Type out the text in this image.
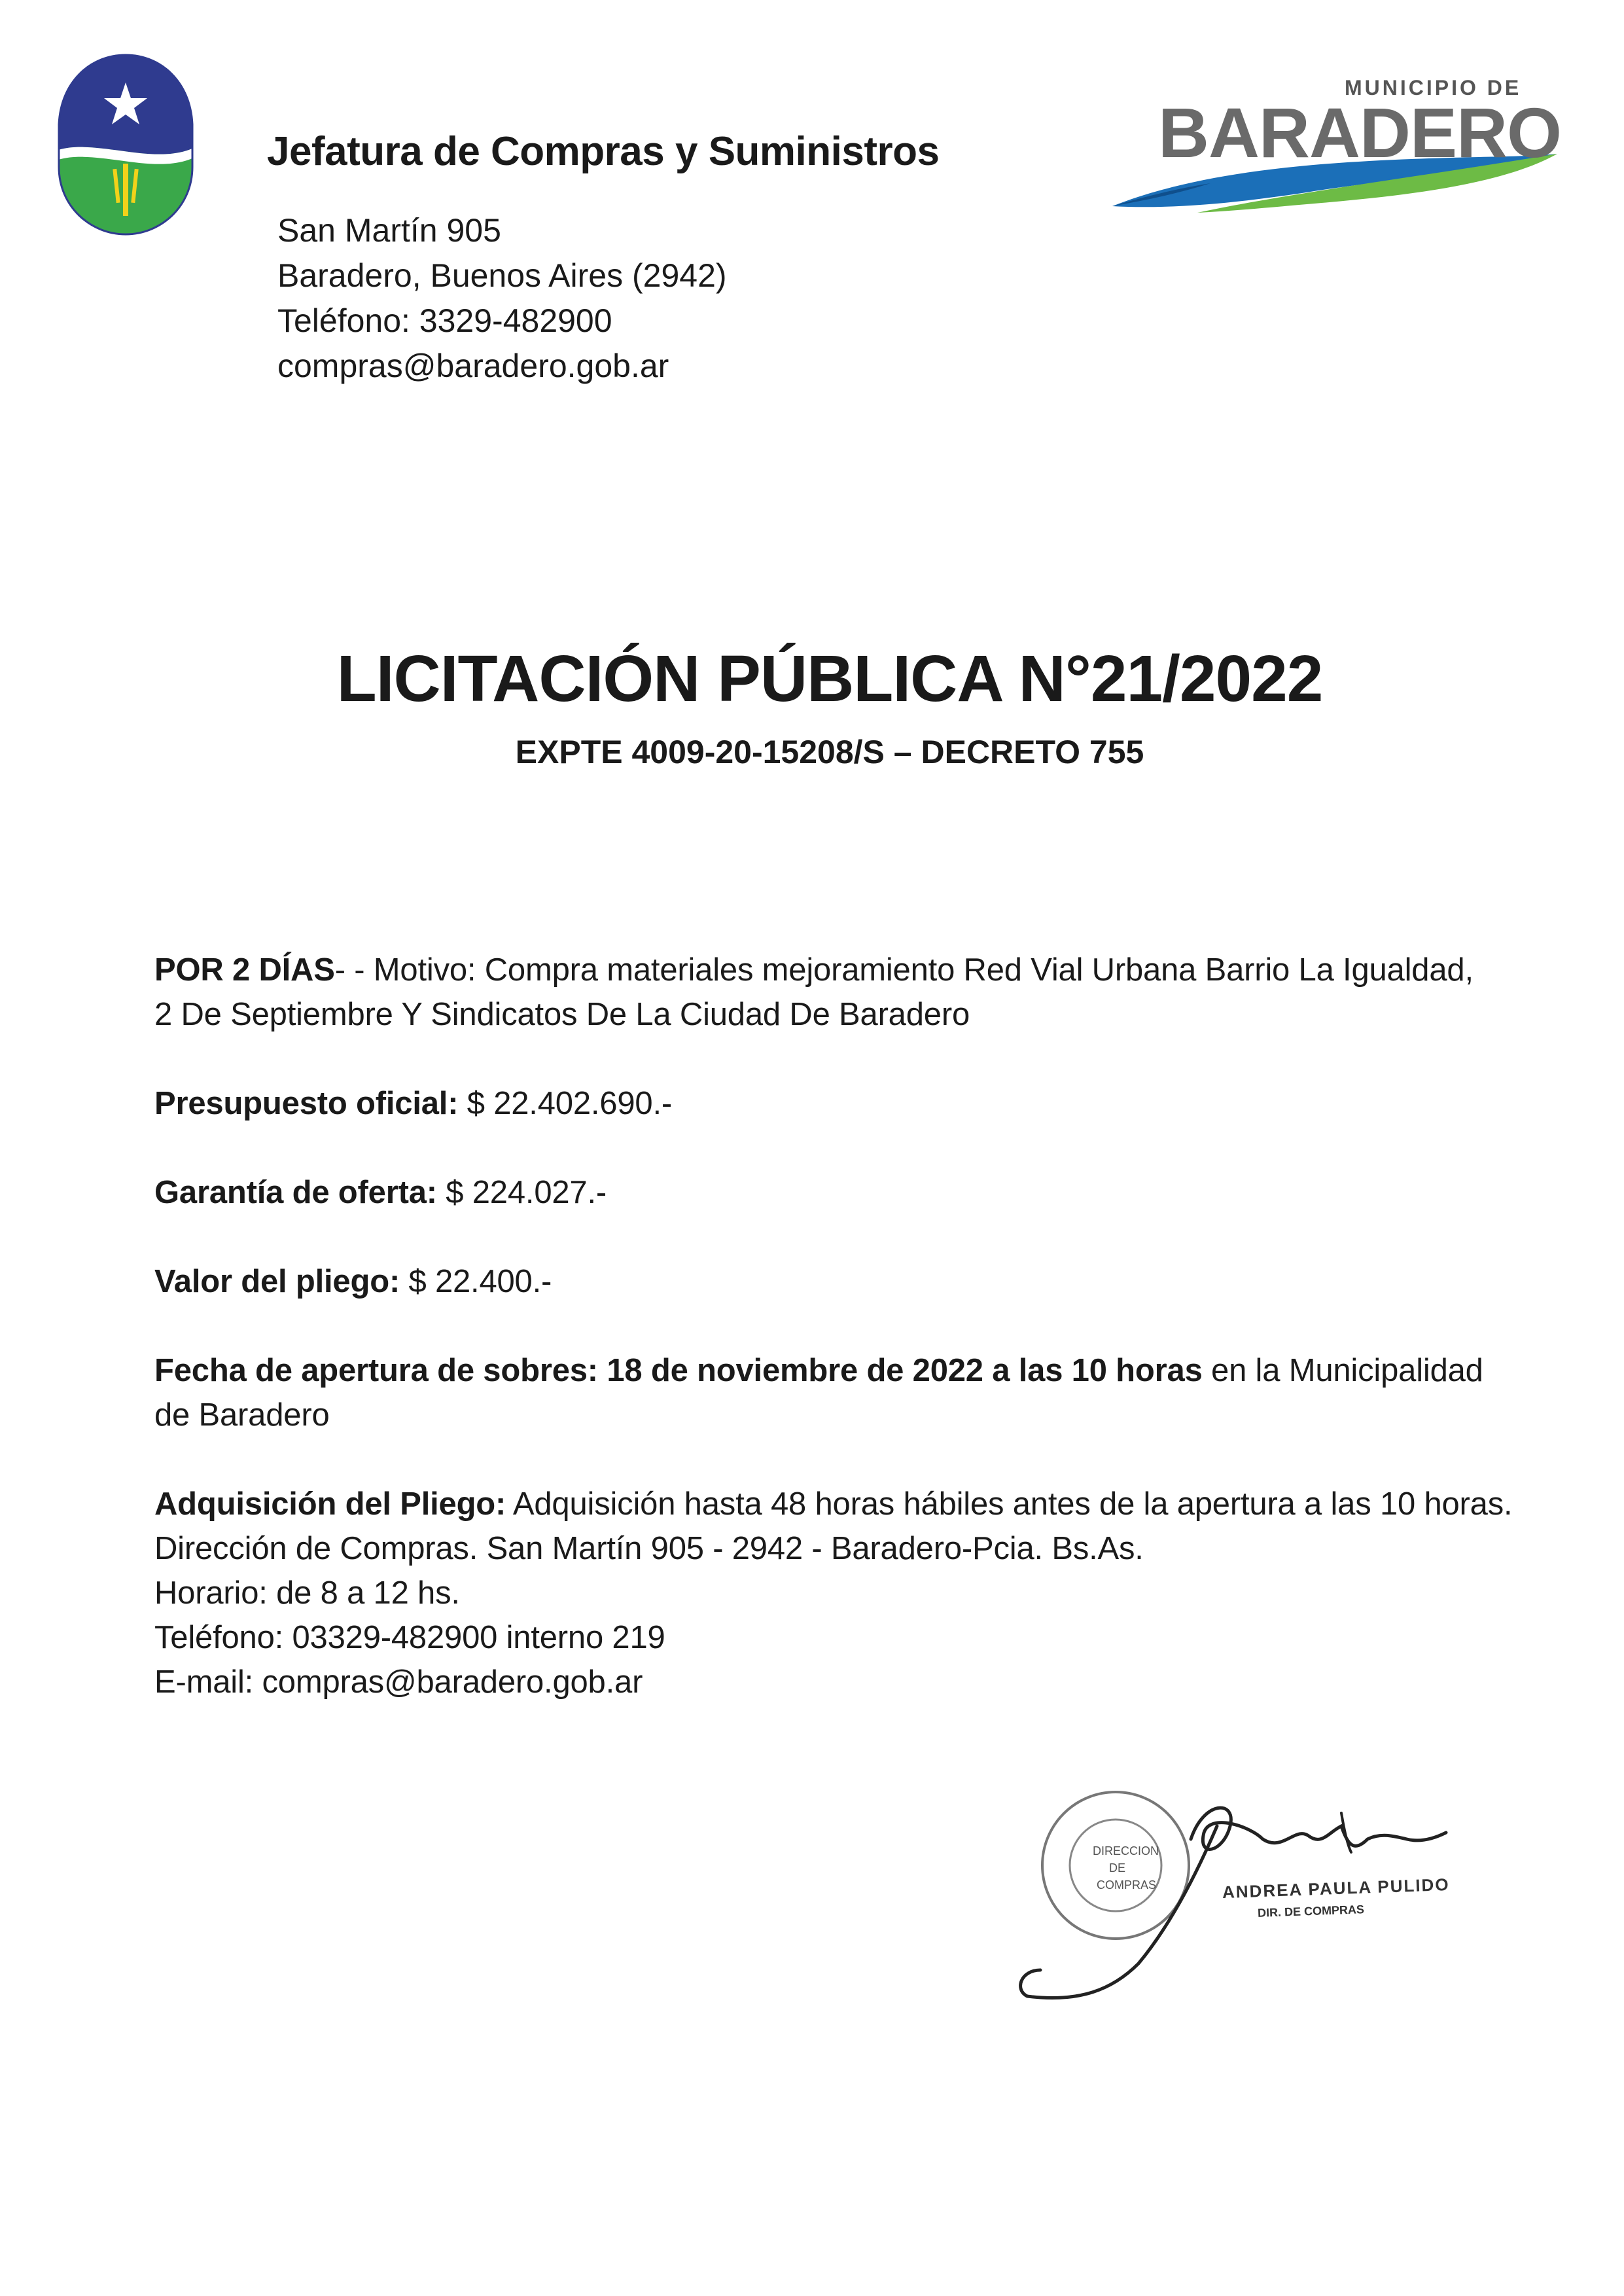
Jefatura de Compras y Suministros
San Martín 905
Baradero, Buenos Aires (2942)
Teléfono: 3329-482900
compras@baradero.gob.ar
MUNICIPIO DE
BARADERO
LICITACIÓN PÚBLICA N°21/2022
EXPTE 4009-20-15208/S – DECRETO 755
POR 2 DÍAS- - Motivo: Compra materiales mejoramiento Red Vial Urbana Barrio La Igualdad,
2 De Septiembre Y Sindicatos De La Ciudad De Baradero
Presupuesto oficial: $ 22.402.690.-
Garantía de oferta: $ 224.027.-
Valor del pliego: $ 22.400.-
Fecha de apertura de sobres: 18 de noviembre de 2022 a las 10 horas en la Municipalidad
de Baradero
Adquisición del Pliego: Adquisición hasta 48 horas hábiles antes de la apertura a las 10 horas.
Dirección de Compras. San Martín 905 - 2942 - Baradero-Pcia. Bs.As.
Horario: de 8 a 12 hs.
Teléfono: 03329-482900 interno 219
E-mail: compras@baradero.gob.ar
DIRECCION
DE
COMPRAS	ANDREA PAULA PULIDO
DIR. DE COMPRAS
